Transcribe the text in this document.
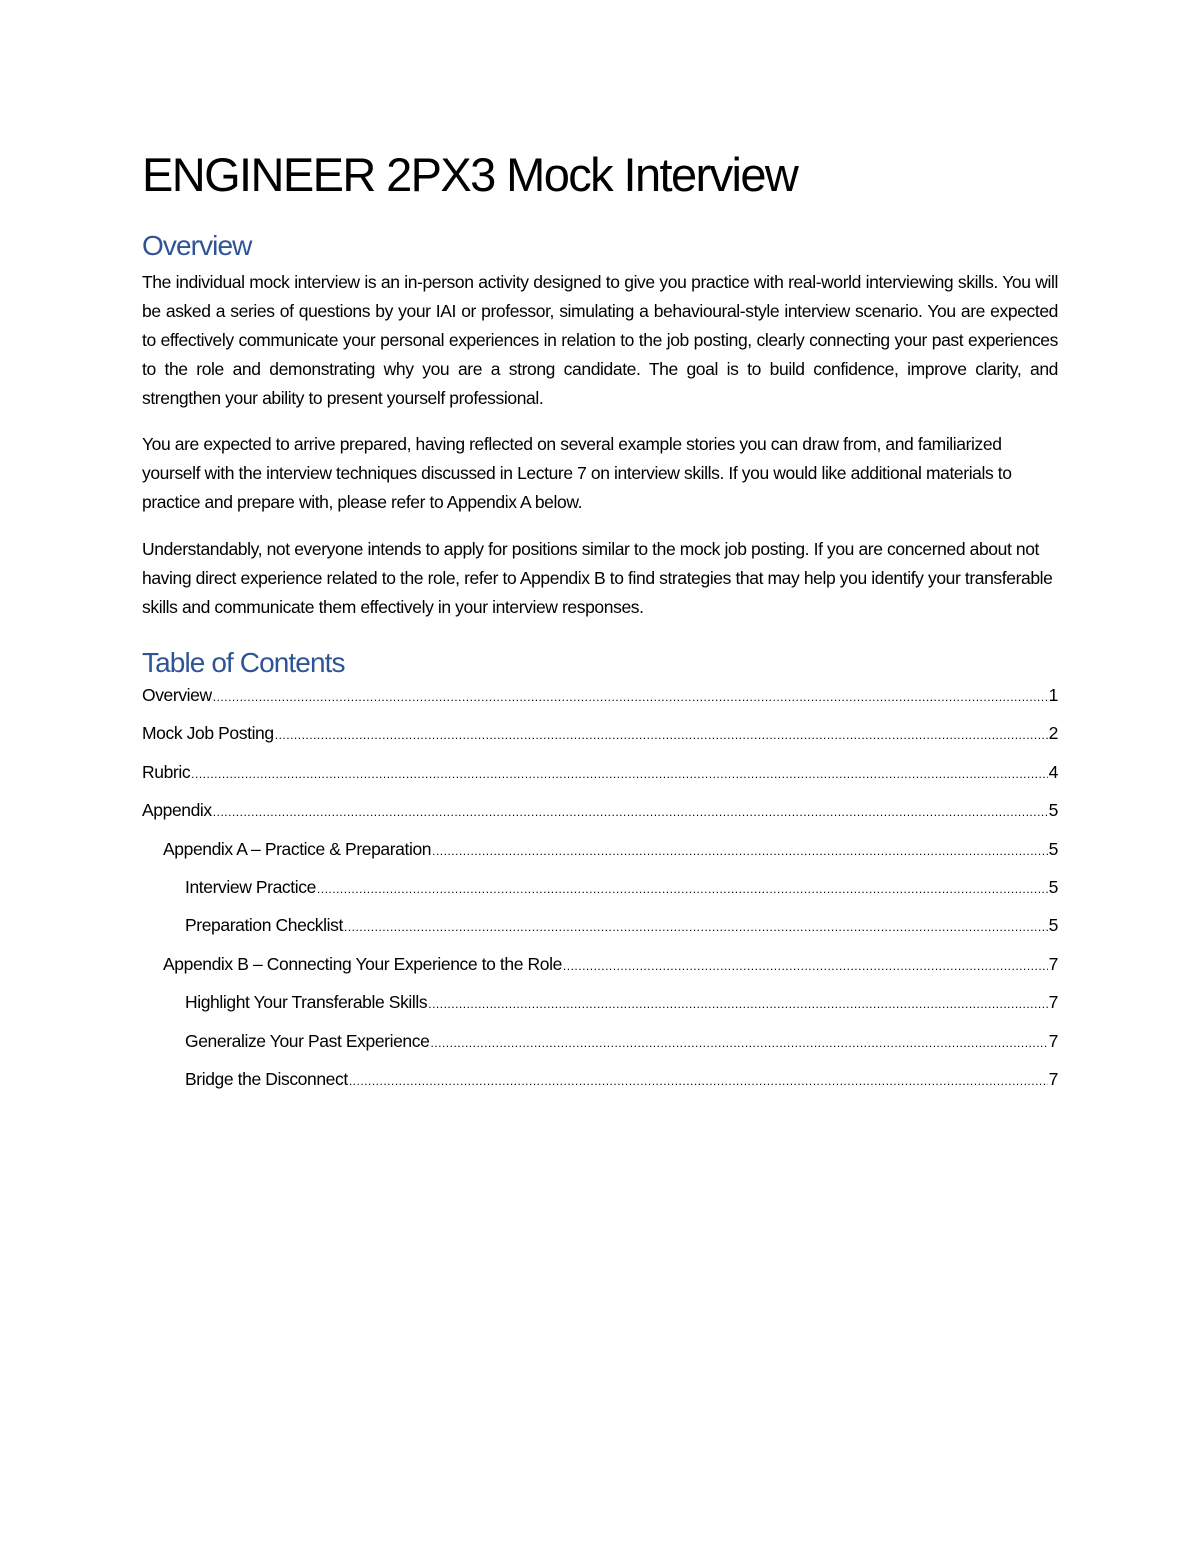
ENGINEER 2PX3 Mock Interview
Overview

The individual mock interview is an in-person activity designed to give you practice with real-world interviewing skills. You will be asked a series of questions by your IAI or professor, simulating a behavioural-style interview scenario. You are expected to effectively communicate your personal experiences in relation to the job posting, clearly connecting your past experiences to the role and demonstrating why you are a strong candidate. The goal is to build confidence, improve clarity, and strengthen your ability to present yourself professional.

You are expected to arrive prepared, having reflected on several example stories you can draw from, and familiarized yourself with the interview techniques discussed in Lecture 7 on interview skills. If you would like additional materials to practice and prepare with, please refer to Appendix A below.

Understandably, not everyone intends to apply for positions similar to the mock job posting. If you are concerned about not having direct experience related to the role, refer to Appendix B to find strategies that may help you identify your transferable skills and communicate them effectively in your interview responses.

Table of Contents
Overview .....	1
Mock Job Posting .....	2
Rubric .....	4
Appendix .....	5
Appendix A – Practice & Preparation .....	5
Interview Practice .....	5
Preparation Checklist .....	5
Appendix B – Connecting Your Experience to the Role .....	7
Highlight Your Transferable Skills .....	7
Generalize Your Past Experience .....	7
Bridge the Disconnect .....	7
